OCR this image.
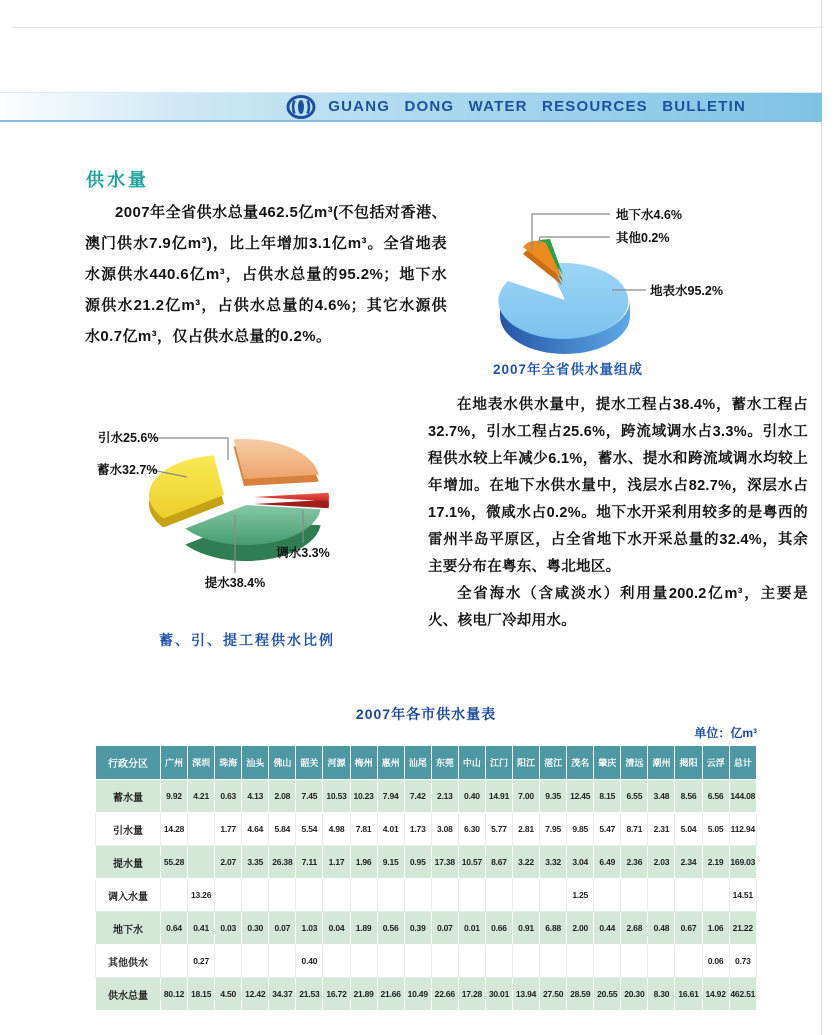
GUANG DONG WATER RESOURCES BULLETIN
供水量

2007年全省供水总量462.5亿m³(不包括对香港、澳门供水7.9亿m³)，比上年增加3.1亿m³。全省地表水源供水440.6亿m³，占供水总量的95.2%；地下水源供水21.2亿m³，占供水总量的4.6%；其它水源供水0.7亿m³，仅占供水总量的0.2%。

地下水4.6%
其他0.2%
地表水95.2%
2007年全省供水量组成

在地表水供水量中，提水工程占38.4%，蓄水工程占32.7%，引水工程占25.6%，跨流域调水占3.3%。引水工程供水较上年减少6.1%，蓄水、提水和跨流域调水均较上年增加。在地下水供水量中，浅层水占82.7%，深层水占17.1%，微咸水占0.2%。地下水开采利用较多的是粤西的雷州半岛平原区，占全省地下水开采总量的32.4%，其余主要分布在粤东、粤北地区。

全省海水（含咸淡水）利用量200.2亿m³，主要是火、核电厂冷却用水。

引水25.6%
蓄水32.7%
调水3.3%
提水38.4%
蓄、引、提工程供水比例
2007年各市供水量表
单位：亿m³
行政分区	广州	深圳	珠海	汕头	佛山	韶关	河源	梅州	惠州	汕尾	东莞	中山	江门	阳江	湛江	茂名	肇庆	清远	潮州	揭阳	云浮	总计
蓄水量	9.92	4.21	0.63	4.13	2.08	7.45	10.53	10.23	7.94	7.42	2.13	0.40	14.91	7.00	9.35	12.45	8.15	6.55	3.48	8.56	6.56	144.08
引水量	14.28		1.77	4.64	5.84	5.54	4.98	7.81	4.01	1.73	3.08	6.30	5.77	2.81	7.95	9.85	5.47	8.71	2.31	5.04	5.05	112.94
提水量	55.28		2.07	3.35	26.38	7.11	1.17	1.96	9.15	0.95	17.38	10.57	8.67	3.22	3.32	3.04	6.49	2.36	2.03	2.34	2.19	169.03
调入水量		13.26														1.25						14.51
地下水	0.64	0.41	0.03	0.30	0.07	1.03	0.04	1.89	0.56	0.39	0.07	0.01	0.66	0.91	6.88	2.00	0.44	2.68	0.48	0.67	1.06	21.22
其他供水		0.27				0.40															0.06	0.73
供水总量	80.12	18.15	4.50	12.42	34.37	21.53	16.72	21.89	21.66	10.49	22.66	17.28	30.01	13.94	27.50	28.59	20.55	20.30	8.30	16.61	14.92	462.51
